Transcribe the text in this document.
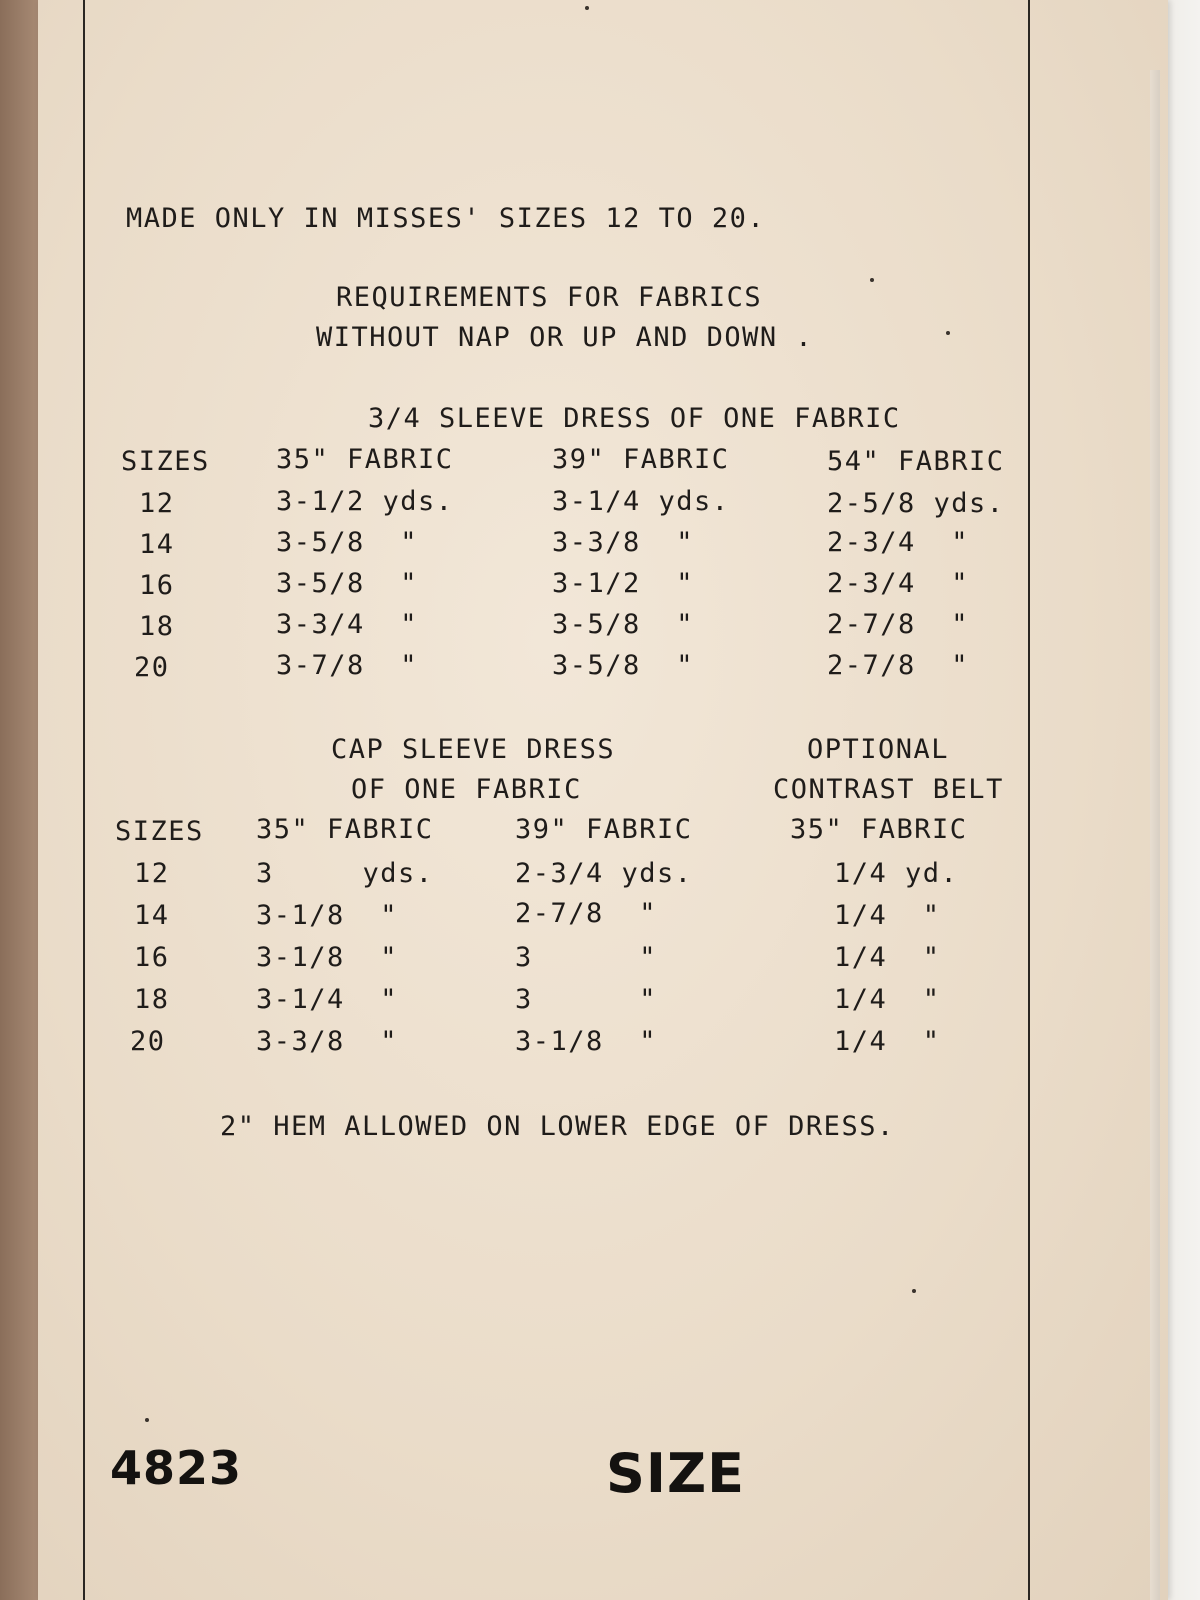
MADE ONLY IN MISSES' SIZES 12 TO 20.
REQUIREMENTS FOR FABRICS
WITHOUT NAP OR UP AND DOWN .
3/4 SLEEVE DRESS OF ONE FABRIC
SIZES 35" FABRIC	39" FABRIC	54" FABRIC
12	3-1/2 yds.	3-1/4 yds.	2-5/8 yds.
14	3-5/8  "	3-3/8  "	2-3/4  "
16	3-5/8  "	3-1/2  "	2-3/4  "
18	3-3/4  "	3-5/8  "	2-7/8  "
20	3-7/8  "	3-5/8  "	2-7/8  "
CAP SLEEVE DRESS
OF ONE FABRIC
OPTIONAL
CONTRAST BELT
SIZES 35" FABRIC	39" FABRIC	35" FABRIC
12	3     yds.	2-3/4 yds.	1/4 yd.
14	3-1/8  "	2-7/8  "	1/4  "
16	3-1/8  "	3      "	1/4  "
18	3-1/4  "	3      "	1/4  "
20	3-3/8  "	3-1/8  "	1/4  "
2" HEM ALLOWED ON LOWER EDGE OF DRESS.
4823	SIZE
